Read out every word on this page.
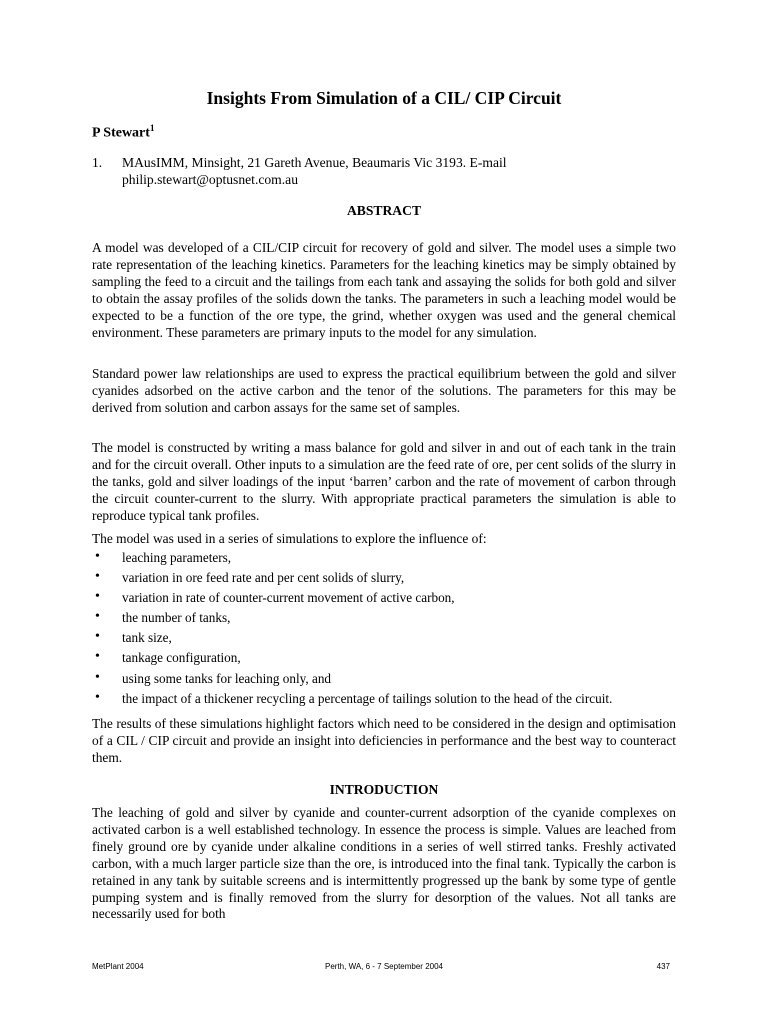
Insights From Simulation of a CIL/ CIP Circuit
P Stewart$^1$
1. MAusIMM, Minsight, 21 Gareth Avenue, Beaumaris Vic 3193. E-mail philip.stewart@optusnet.com.au
ABSTRACT
A model was developed of a CIL/CIP circuit for recovery of gold and silver. The model uses a simple two rate representation of the leaching kinetics. Parameters for the leaching kinetics may be simply obtained by sampling the feed to a circuit and the tailings from each tank and assaying the solids for both gold and silver to obtain the assay profiles of the solids down the tanks. The parameters in such a leaching model would be expected to be a function of the ore type, the grind, whether oxygen was used and the general chemical environment. These parameters are primary inputs to the model for any simulation.
Standard power law relationships are used to express the practical equilibrium between the gold and silver cyanides adsorbed on the active carbon and the tenor of the solutions. The parameters for this may be derived from solution and carbon assays for the same set of samples.
The model is constructed by writing a mass balance for gold and silver in and out of each tank in the train and for the circuit overall. Other inputs to a simulation are the feed rate of ore, per cent solids of the slurry in the tanks, gold and silver loadings of the input ‘barren’ carbon and the rate of movement of carbon through the circuit counter-current to the slurry. With appropriate practical parameters the simulation is able to reproduce typical tank profiles.
The model was used in a series of simulations to explore the influence of:
• leaching parameters,
• variation in ore feed rate and per cent solids of slurry,
• variation in rate of counter-current movement of active carbon,
• the number of tanks,
• tank size,
• tankage configuration,
• using some tanks for leaching only, and
• the impact of a thickener recycling a percentage of tailings solution to the head of the circuit.
The results of these simulations highlight factors which need to be considered in the design and optimisation of a CIL / CIP circuit and provide an insight into deficiencies in performance and the best way to counteract them.
INTRODUCTION
The leaching of gold and silver by cyanide and counter-current adsorption of the cyanide complexes on activated carbon is a well established technology. In essence the process is simple. Values are leached from finely ground ore by cyanide under alkaline conditions in a series of well stirred tanks. Freshly activated carbon, with a much larger particle size than the ore, is introduced into the final tank. Typically the carbon is retained in any tank by suitable screens and is intermittently progressed up the bank by some type of gentle pumping system and is finally removed from the slurry for desorption of the values. Not all tanks are necessarily used for both
MetPlant 2004	Perth, WA, 6 - 7 September 2004	437
